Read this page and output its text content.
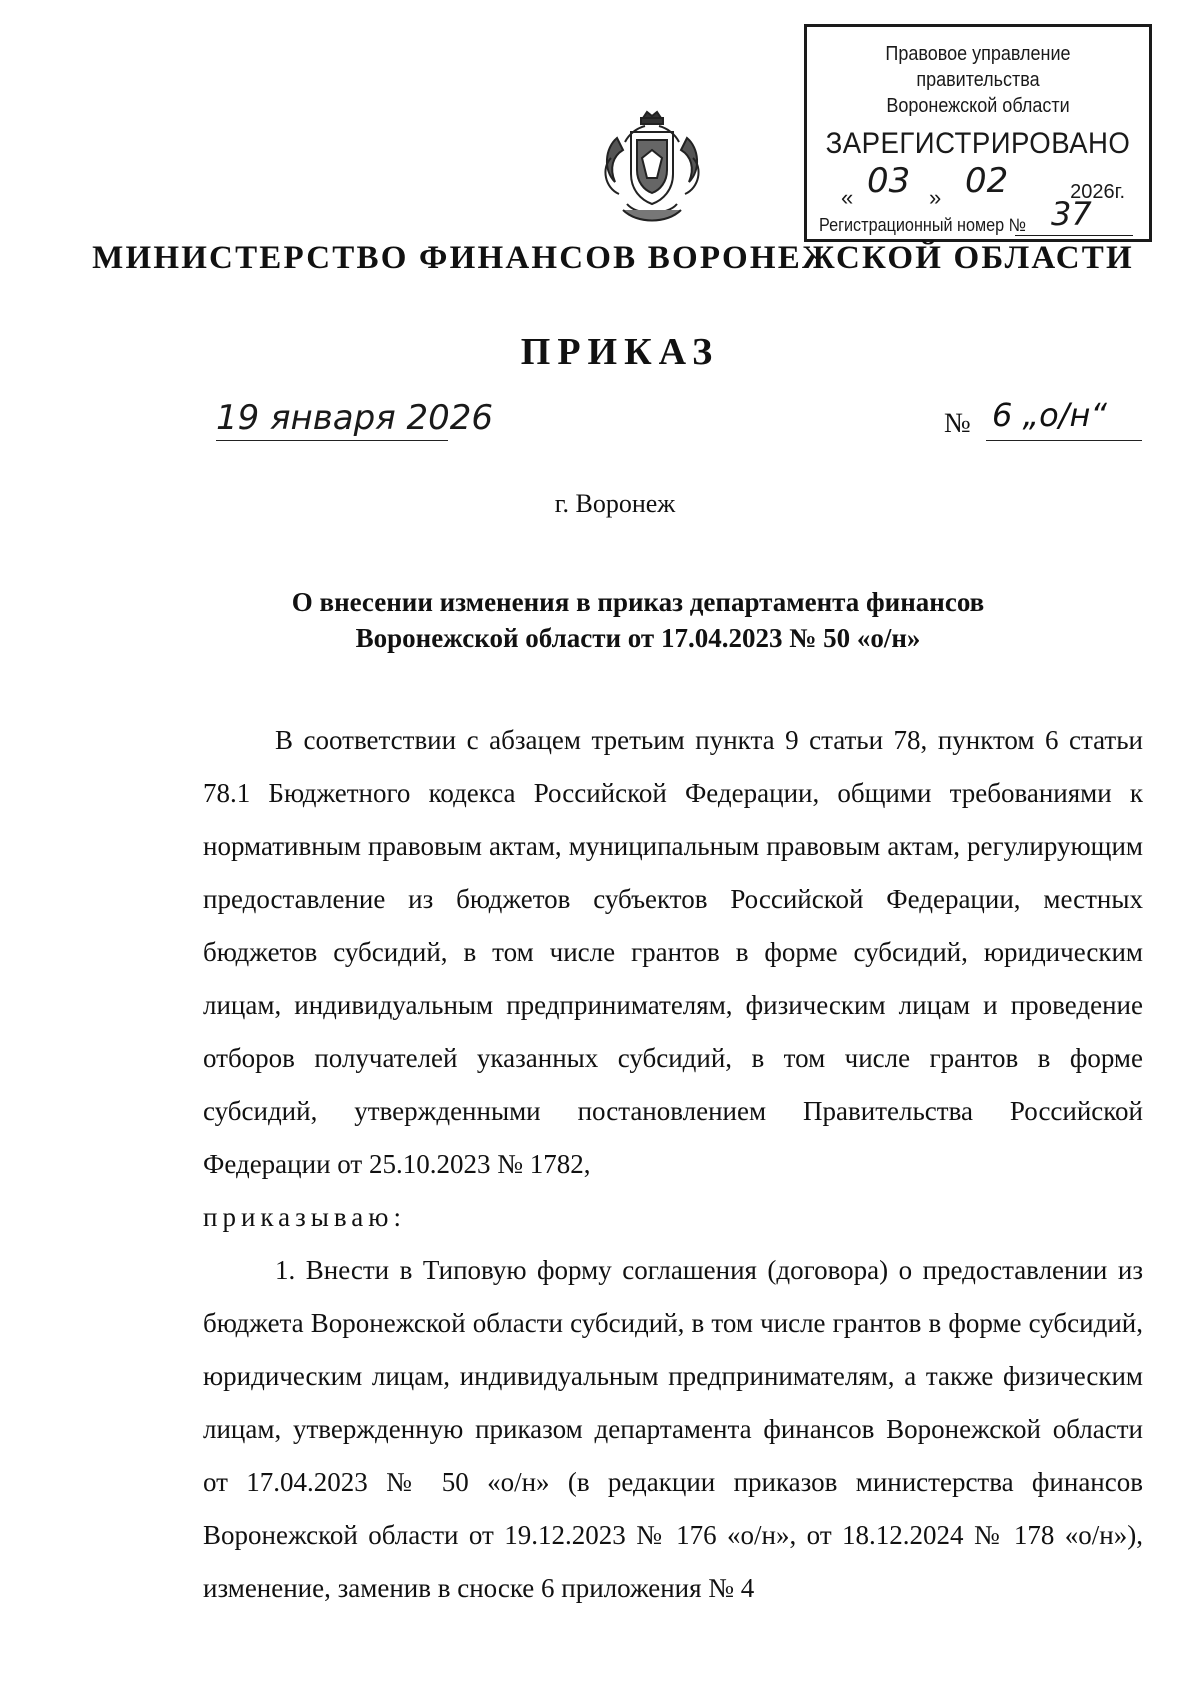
Правовое управление правительства
Воронежской области
ЗАРЕГИСТРИРОВАНО
« 03 » 02	2026г.
Регистрационный номер № 37
МИНИСТЕРСТВО ФИНАНСОВ ВОРОНЕЖСКОЙ ОБЛАСТИ
ПРИКАЗ
19 января 2026	№ 6 „о/н“
г. Воронеж
О внесении изменения в приказ департамента финансов
Воронежской области от 17.04.2023 № 50 «о/н»

В соответствии с абзацем третьим пункта 9 статьи 78, пунктом 6 статьи 78.1 Бюджетного кодекса Российской Федерации, общими требованиями к нормативным правовым актам, муниципальным правовым актам, регулирующим предоставление из бюджетов субъектов Российской Федерации, местных бюджетов субсидий, в том числе грантов в форме субсидий, юридическим лицам, индивидуальным предпринимателям, физическим лицам и проведение отборов получателей указанных субсидий, в том числе грантов в форме субсидий, утвержденными постановлением Правительства Российской Федерации от 25.10.2023 № 1782,

приказываю:

1. Внести в Типовую форму соглашения (договора) о предоставлении из бюджета Воронежской области субсидий, в том числе грантов в форме субсидий, юридическим лицам, индивидуальным предпринимателям, а также физическим лицам, утвержденную приказом департамента финансов Воронежской области от 17.04.2023 № 50 «о/н» (в редакции приказов министерства финансов Воронежской области от 19.12.2023 № 176 «о/н», от 18.12.2024 № 178 «о/н»), изменение, заменив в сноске 6 приложения № 4
